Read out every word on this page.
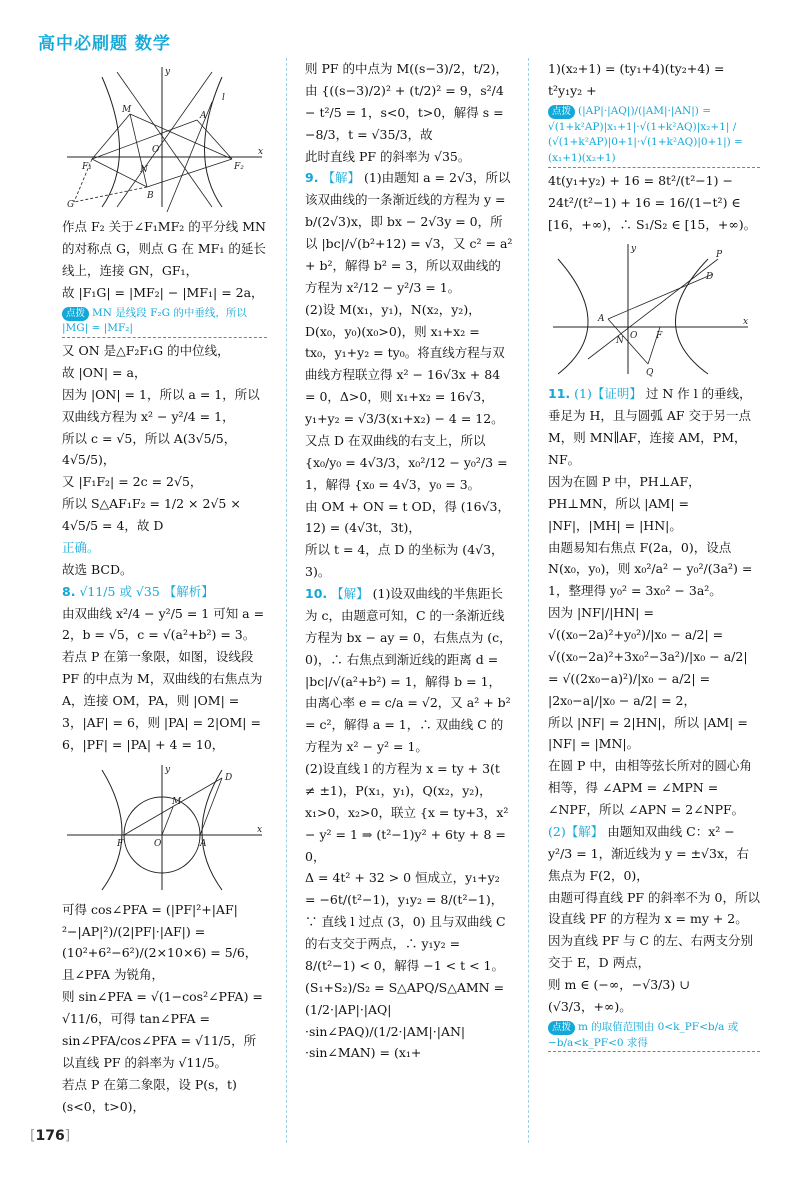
高中必刷题 数学
y
M
A
l
F₁
O
F₂
x
N
B
G

作点 F₂ 关于∠F₁MF₂ 的平分线 MN 的对称点 G，则点 G 在 MF₁ 的延长线上，连接 GN，GF₁，

故 |F₁G| = |MF₂| − |MF₁| = 2a，

点拨 MN 是线段 F₂G 的中垂线，所以 |MG| = |MF₂|

又 ON 是△F₂F₁G 的中位线，

故 |ON| = a，

因为 |ON| = 1，所以 a = 1，所以双曲线方程为 x² − y²/4 = 1，

所以 c = √5，所以 A(3√5/5，4√5/5)，

又 |F₁F₂| = 2c = 2√5，

所以 S△AF₁F₂ = 1/2 × 2√5 × 4√5/5 = 4，故 D

正确。

故选 BCD。

8. √11/5 或 √35 【解析】

由双曲线 x²/4 − y²/5 = 1 可知 a = 2，b = √5，c = √(a²+b²) = 3。

若点 P 在第一象限，如图，设线段 PF 的中点为 M，双曲线的右焦点为 A，连接 OM，PA，则 |OM| = 3，|AF| = 6，则 |PA| = 2|OM| = 6，|PF| = |PA| + 4 = 10，

y
D
M
x
A
O
F

可得 cos∠PFA = (|PF|²+|AF|²−|AP|²)/(2|PF|·|AF|) = (10²+6²−6²)/(2×10×6) = 5/6，且∠PFA 为锐角，

则 sin∠PFA = √(1−cos²∠PFA) = √11/6，可得 tan∠PFA = sin∠PFA/cos∠PFA = √11/5，所以直线 PF 的斜率为 √11/5。

若点 P 在第二象限，设 P(s，t)(s<0，t>0)，

则 PF 的中点为 M((s−3)/2，t/2)，

由 {((s−3)/2)² + (t/2)² = 9，s²/4 − t²/5 = 1，s<0，t>0，解得 s = −8/3，t = √35/3，故

此时直线 PF 的斜率为 √35。

9. 【解】 (1)由题知 a = 2√3，所以该双曲线的一条渐近线的方程为 y = b/(2√3)x，即 bx − 2√3y = 0，所以 |bc|/√(b²+12) = √3，又 c² = a² + b²，解得 b² = 3，所以双曲线的方程为 x²/12 − y²/3 = 1。

(2)设 M(x₁，y₁)，N(x₂，y₂)，D(x₀，y₀)(x₀>0)，则 x₁+x₂ = tx₀，y₁+y₂ = ty₀。将直线方程与双曲线方程联立得 x² − 16√3x + 84 = 0，Δ>0，则 x₁+x₂ = 16√3，y₁+y₂ = √3/3(x₁+x₂) − 4 = 12。

又点 D 在双曲线的右支上，所以 {x₀/y₀ = 4√3/3，x₀²/12 − y₀²/3 = 1，解得 {x₀ = 4√3，y₀ = 3。

由 OM + ON = t OD，得 (16√3，12) = (4√3t，3t)，

所以 t = 4，点 D 的坐标为 (4√3，3)。

10. 【解】 (1)设双曲线的半焦距长为 c，由题意可知，C 的一条渐近线方程为 bx − ay = 0，右焦点为 (c，0)，∴ 右焦点到渐近线的距离 d = |bc|/√(a²+b²) = 1，解得 b = 1，由离心率 e = c/a = √2，又 a² + b² = c²，解得 a = 1，∴ 双曲线 C 的方程为 x² − y² = 1。

(2)设直线 l 的方程为 x = ty + 3(t ≠ ±1)，P(x₁，y₁)，Q(x₂，y₂)，x₁>0，x₂>0，联立 {x = ty+3，x² − y² = 1 ⇒ (t²−1)y² + 6ty + 8 = 0，

Δ = 4t² + 32 > 0 恒成立，y₁+y₂ = −6t/(t²−1)，y₁y₂ = 8/(t²−1)，

∵ 直线 l 过点 (3，0) 且与双曲线 C 的右支交于两点，∴ y₁y₂ = 8/(t²−1) < 0，解得 −1 < t < 1。(S₁+S₂)/S₂ = S△APQ/S△AMN = (1/2·|AP|·|AQ|·sin∠PAQ)/(1/2·|AM|·|AN|·sin∠MAN) = (x₁+

1)(x₂+1) = (ty₁+4)(ty₂+4) = t²y₁y₂ +

点拨 (|AP|·|AQ|)/(|AM|·|AN|) = √(1+k²AP)|x₁+1|·√(1+k²AQ)|x₂+1| / (√(1+k²AP)|0+1|·√(1+k²AQ)|0+1|) = (x₁+1)(x₂+1)

4t(y₁+y₂) + 16 = 8t²/(t²−1) − 24t²/(t²−1) + 16 = 16/(1−t²) ∈ [16，+∞)，∴ S₁/S₂ ∈ [15，+∞)。

y
P
D
A
O F
x
N
Q

11. (1)【证明】 过 N 作 l 的垂线，垂足为 H，且与圆弧 AF 交于另一点 M，则 MN∥AF，连接 AM，PM，NF。

因为在圆 P 中，PH⊥AF，PH⊥MN，所以 |AM| = |NF|，|MH| = |HN|。

由题易知右焦点 F(2a，0)，设点 N(x₀，y₀)，则 x₀²/a² − y₀²/(3a²) = 1，整理得 y₀² = 3x₀² − 3a²。

因为 |NF|/|HN| = √((x₀−2a)²+y₀²)/|x₀ − a/2| = √((x₀−2a)²+3x₀²−3a²)/|x₀ − a/2| = √((2x₀−a)²)/|x₀ − a/2| = |2x₀−a|/|x₀ − a/2| = 2，

所以 |NF| = 2|HN|，所以 |AM| = |NF| = |MN|。

在圆 P 中，由相等弦长所对的圆心角相等，得 ∠APM = ∠MPN = ∠NPF，所以 ∠APN = 2∠NPF。

(2)【解】 由题知双曲线 C：x² − y²/3 = 1，渐近线为 y = ±√3x，右焦点为 F(2，0)，

由题可得直线 PF 的斜率不为 0，所以设直线 PF 的方程为 x = my + 2。

因为直线 PF 与 C 的左、右两支分别交于 E，D 两点，

则 m ∈ (−∞，−√3/3) ∪ (√3/3，+∞)。

点拨 m 的取值范围由 0<k_PF<b/a 或 −b/a<k_PF<0 求得
[176]
